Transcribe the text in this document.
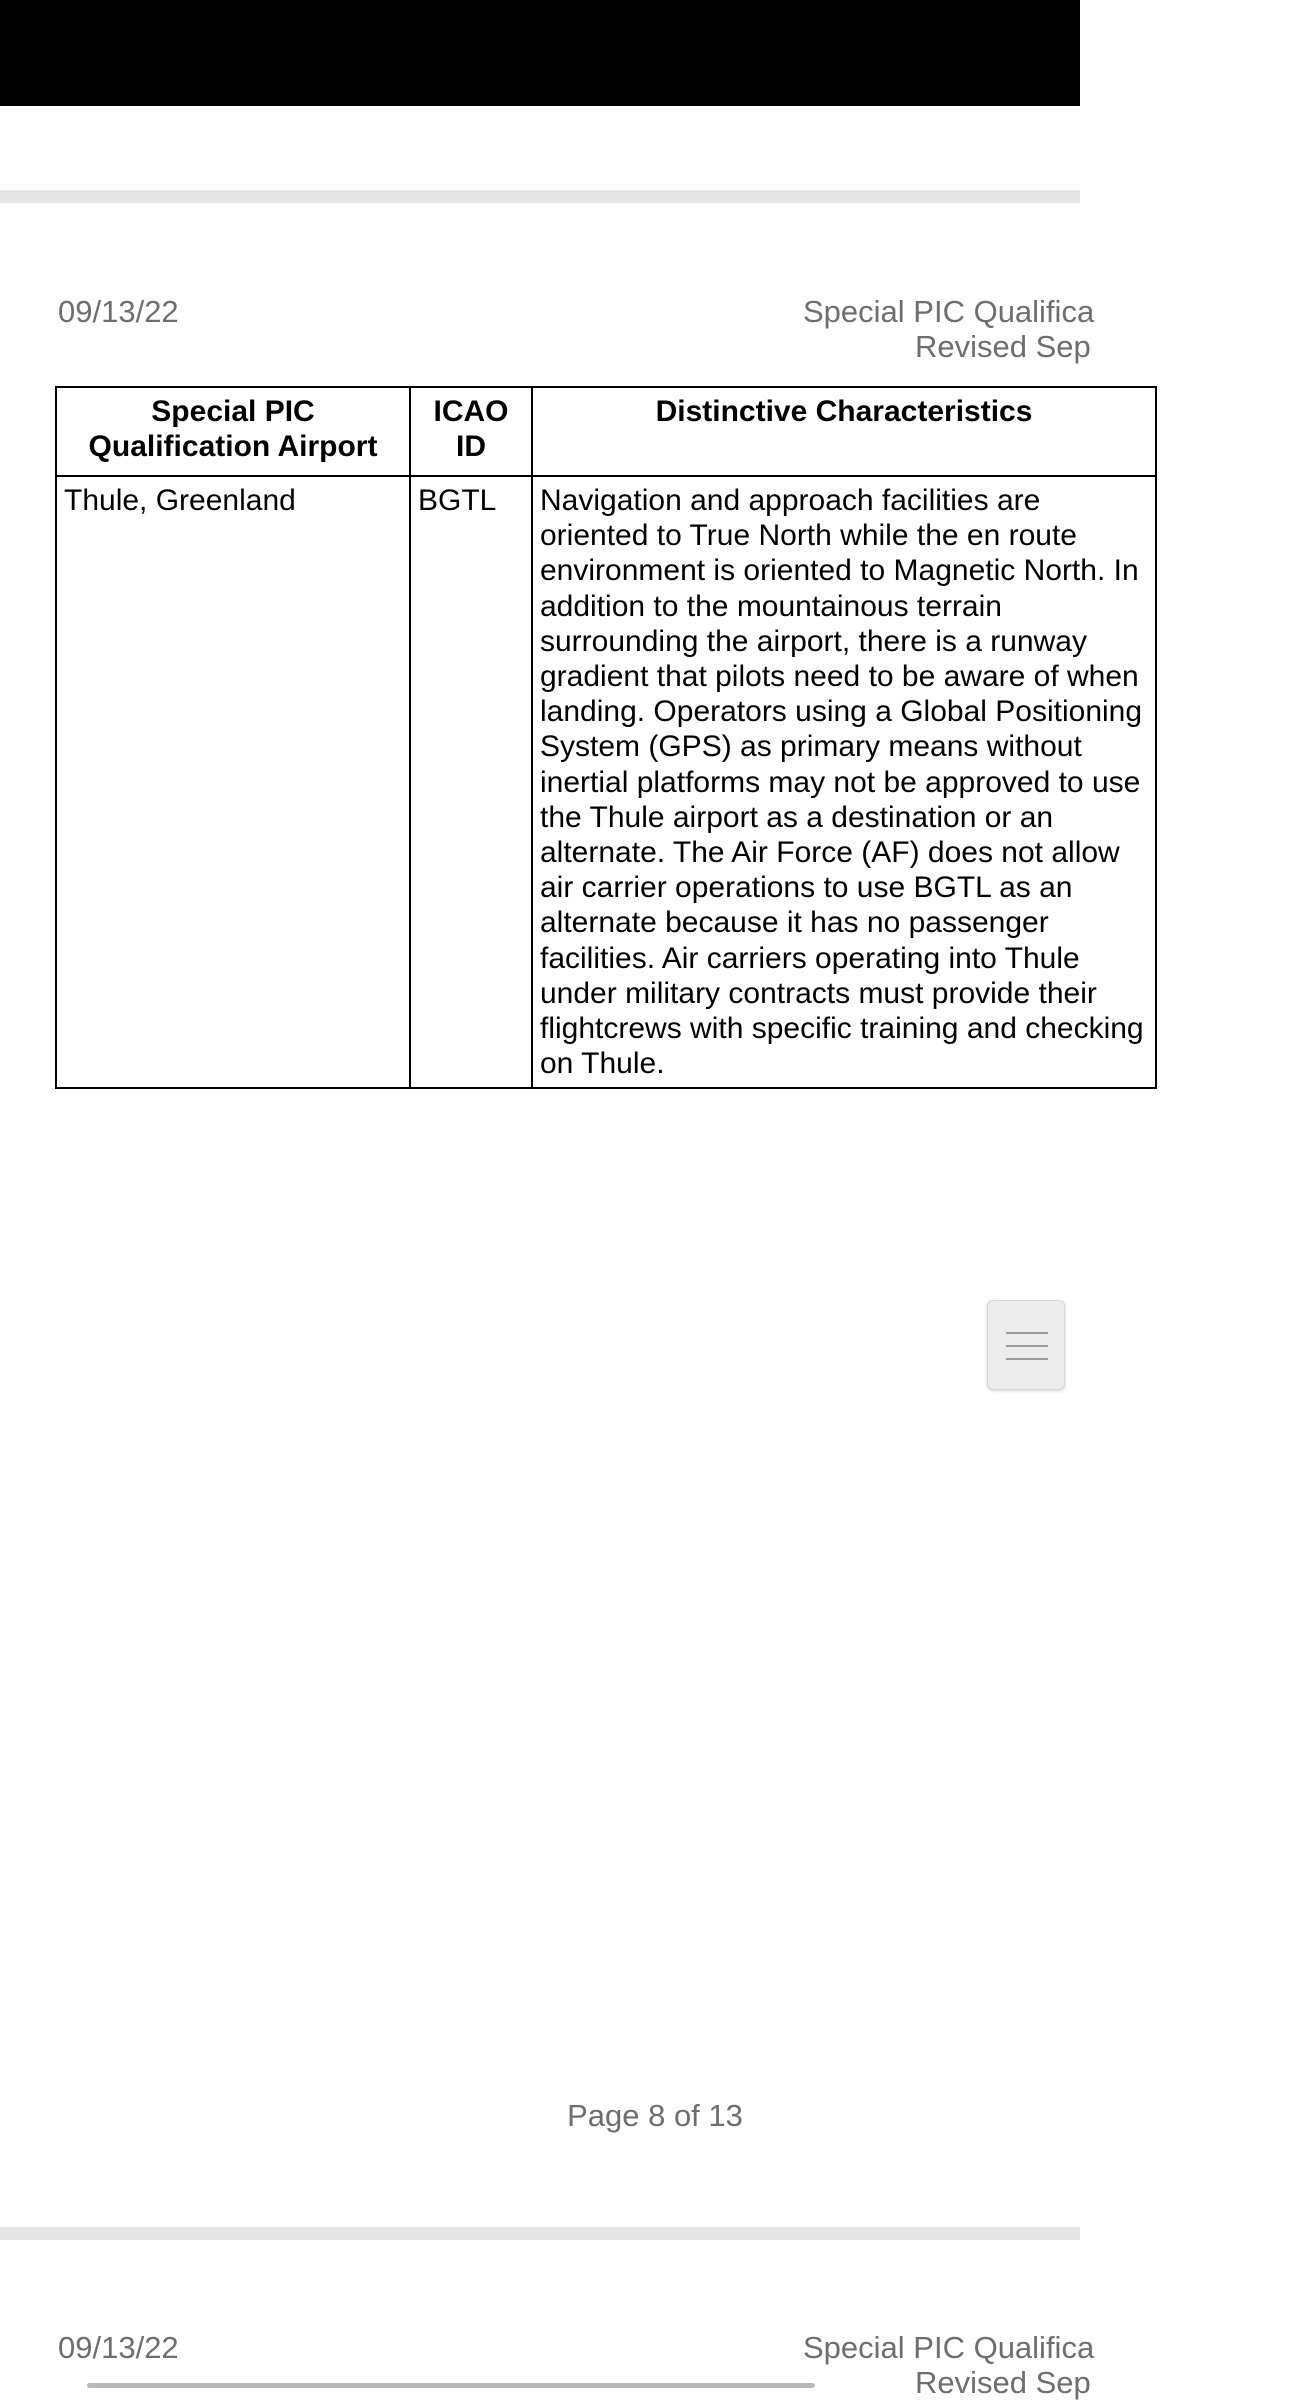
09/13/22	Special PIC Qualifica
Revised Sep
Special PIC Qualification Airport	ICAO ID	Distinctive Characteristics
Thule, Greenland	BGTL	Navigation and approach facilities are oriented to True North while the en route environment is oriented to Magnetic North. In addition to the mountainous terrain surrounding the airport, there is a runway gradient that pilots need to be aware of when landing. Operators using a Global Positioning System (GPS) as primary means without inertial platforms may not be approved to use the Thule airport as a destination or an alternate. The Air Force (AF) does not allow air carrier operations to use BGTL as an alternate because it has no passenger facilities. Air carriers operating into Thule under military contracts must provide their flightcrews with specific training and checking on Thule.
Page 8 of 13
09/13/22	Special PIC Qualifica
Revised Sep
